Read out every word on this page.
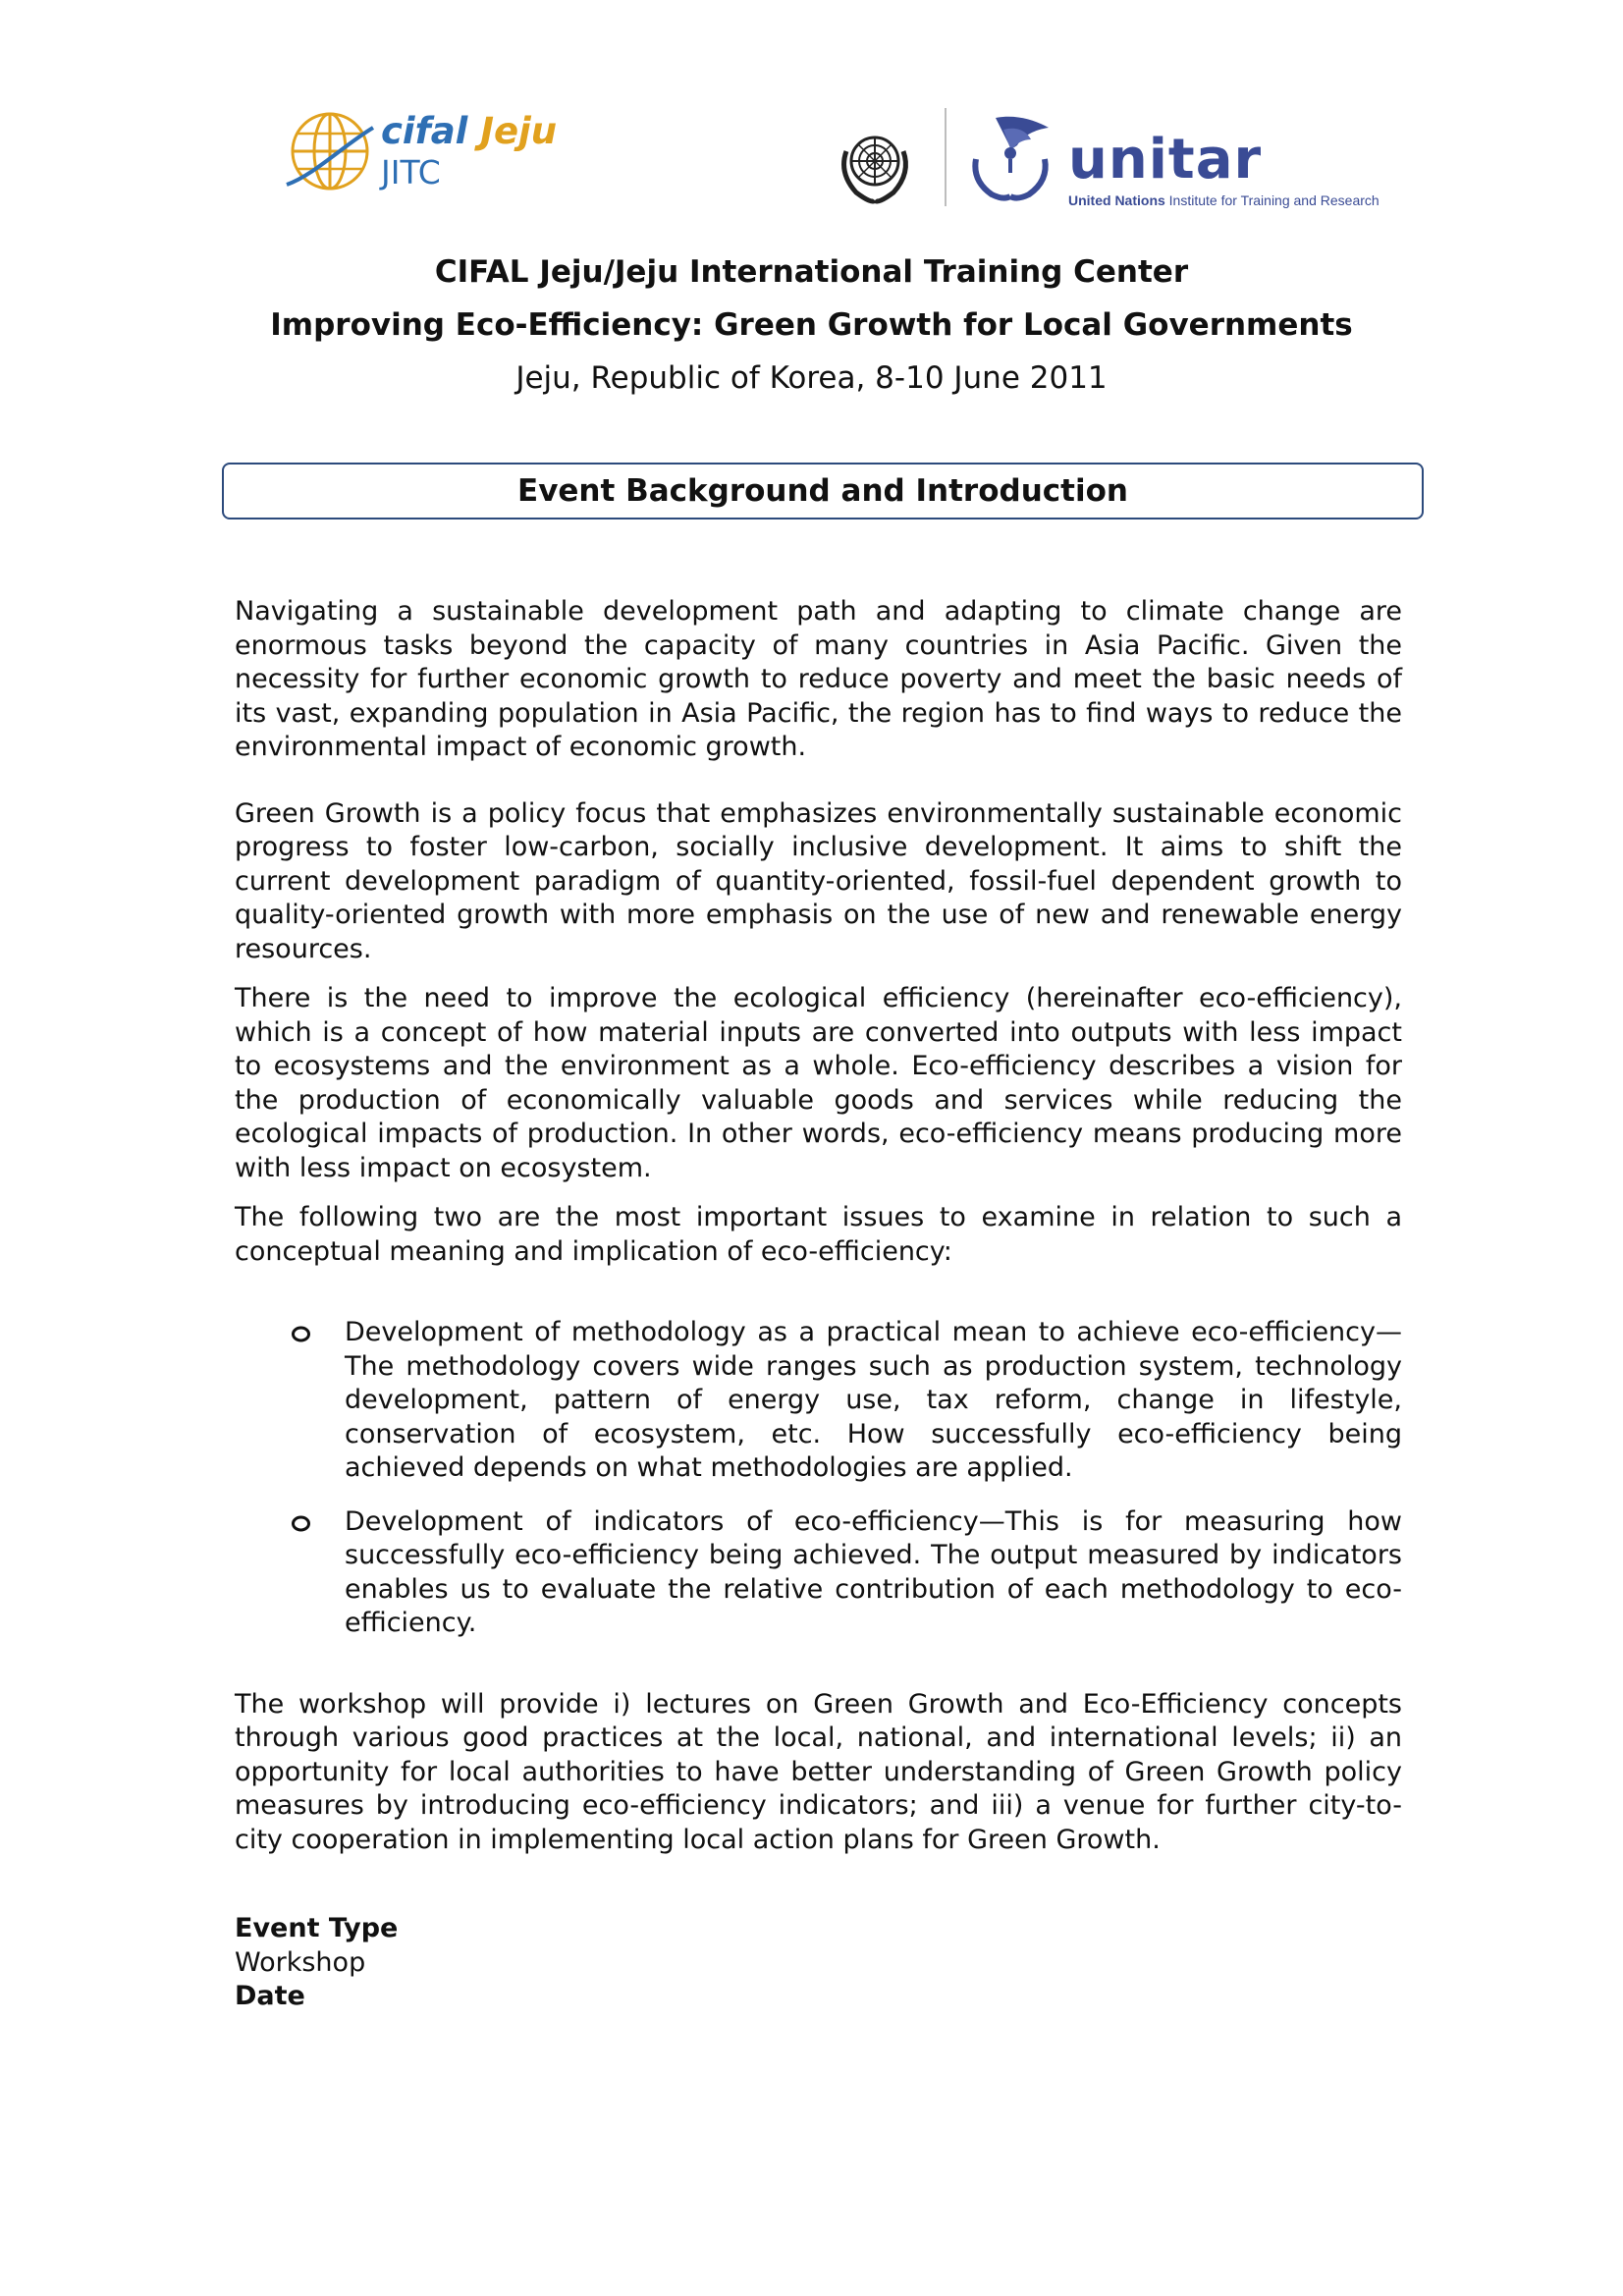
cifal Jeju
JITC	unitar
United Nations Institute for Training and Research

CIFAL Jeju/Jeju International Training Center

Improving Eco-Efficiency: Green Growth for Local Governments

Jeju, Republic of Korea, 8-10 June 2011

Event Background and Introduction

Navigating a sustainable development path and adapting to climate change are enormous tasks beyond the capacity of many countries in Asia Pacific. Given the necessity for further economic growth to reduce poverty and meet the basic needs of its vast, expanding population in Asia Pacific, the region has to find ways to reduce the environmental impact of economic growth.

Green Growth is a policy focus that emphasizes environmentally sustainable economic progress to foster low-carbon, socially inclusive development. It aims to shift the current development paradigm of quantity-oriented, fossil-fuel dependent growth to quality-oriented growth with more emphasis on the use of new and renewable energy resources.

There is the need to improve the ecological efficiency (hereinafter eco-efficiency), which is a concept of how material inputs are converted into outputs with less impact to ecosystems and the environment as a whole. Eco-efficiency describes a vision for the production of economically valuable goods and services while reducing the ecological impacts of production. In other words, eco-efficiency means producing more with less impact on ecosystem.

The following two are the most important issues to examine in relation to such a conceptual meaning and implication of eco-efficiency:

Development of methodology as a practical mean to achieve eco-efficiency—The methodology covers wide ranges such as production system, technology development, pattern of energy use, tax reform, change in lifestyle, conservation of ecosystem, etc. How successfully eco-efficiency being achieved depends on what methodologies are applied.
Development of indicators of eco-efficiency—This is for measuring how successfully eco-efficiency being achieved. The output measured by indicators enables us to evaluate the relative contribution of each methodology to eco-efficiency.

The workshop will provide i) lectures on Green Growth and Eco-Efficiency concepts through various good practices at the local, national, and international levels; ii) an opportunity for local authorities to have better understanding of Green Growth policy measures by introducing eco-efficiency indicators; and iii) a venue for further city-to-city cooperation in implementing local action plans for Green Growth.

Event Type

Workshop

Date
